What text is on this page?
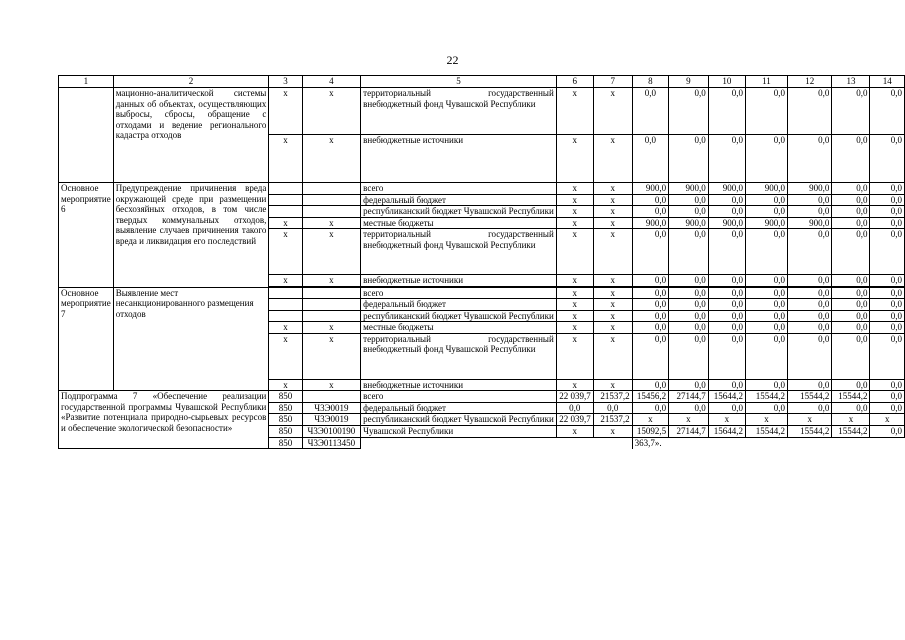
22
1	2	3	4	5	6	7	8	9	10	11	12	13	14
	мационно-аналитической системы данных об объектах, осуществляющих выбросы, сбросы, обращение с отходами и ведение регионального кадастра отходов	x	x	территориальный государственный внебюджетный фонд Чувашской Республики	x	x	0,0	0,0	0,0	0,0	0,0	0,0	0,0
		x	x	внебюджетные источники	x	x	0,0	0,0	0,0	0,0	0,0	0,0	0,0
Основное мероприятие 6	Предупреждение причинения вреда окружающей среде при размещении бесхозяйных отходов, в том числе твердых коммунальных отходов, выявление случаев причинения такого вреда и ликвидация его последствий			всего	x	x	900,0	900,0	900,0	900,0	900,0	0,0	0,0
				федеральный бюджет	x	x	0,0	0,0	0,0	0,0	0,0	0,0	0,0
				республиканский бюджет Чувашской Республики	x	x	0,0	0,0	0,0	0,0	0,0	0,0	0,0
		x	x	местные бюджеты	x	x	900,0	900,0	900,0	900,0	900,0	0,0	0,0
		x	x	территориальный государственный внебюджетный фонд Чувашской Республики	x	x	0,0	0,0	0,0	0,0	0,0	0,0	0,0
		x	x	внебюджетные источники	x	x	0,0	0,0	0,0	0,0	0,0	0,0	0,0

Основное мероприятие 7	Выявление мест несанкционированного размещения отходов			всего	x	x	0,0	0,0	0,0	0,0	0,0	0,0	0,0
				федеральный бюджет	x	x	0,0	0,0	0,0	0,0	0,0	0,0	0,0
				республиканский бюджет Чувашской Республики	x	x	0,0	0,0	0,0	0,0	0,0	0,0	0,0
		x	x	местные бюджеты	x	x	0,0	0,0	0,0	0,0	0,0	0,0	0,0
		x	x	территориальный государственный внебюджетный фонд Чувашской Республики	x	x	0,0	0,0	0,0	0,0	0,0	0,0	0,0
		x	x	внебюджетные источники	x	x	0,0	0,0	0,0	0,0	0,0	0,0	0,0
Подпрограмма 7 «Обеспечение реализации государственной программы Чувашской Республики «Развитие потенциала природно-сырьевых ресурсов и обеспечение экологической безопасности»		850		всего	22 039,7	21537,2	15456,2	27144,7	15644,2	15544,2	15544,2	15544,2	0,0
		850	Ч3Э0019	федеральный бюджет	0,0	0,0	0,0	0,0	0,0	0,0	0,0	0,0	0,0
		850	Ч3Э0019	республиканский бюджет Чувашской Республики	22 039,7	21537,2	x	x	x	x	x	x	x
		850	Ч3Э0100190	Чувашской Республики	x	x	15092,5	27144,7	15644,2	15544,2	15544,2	15544,2	0,0
		850	Ч3Э0113450				363,7».						
